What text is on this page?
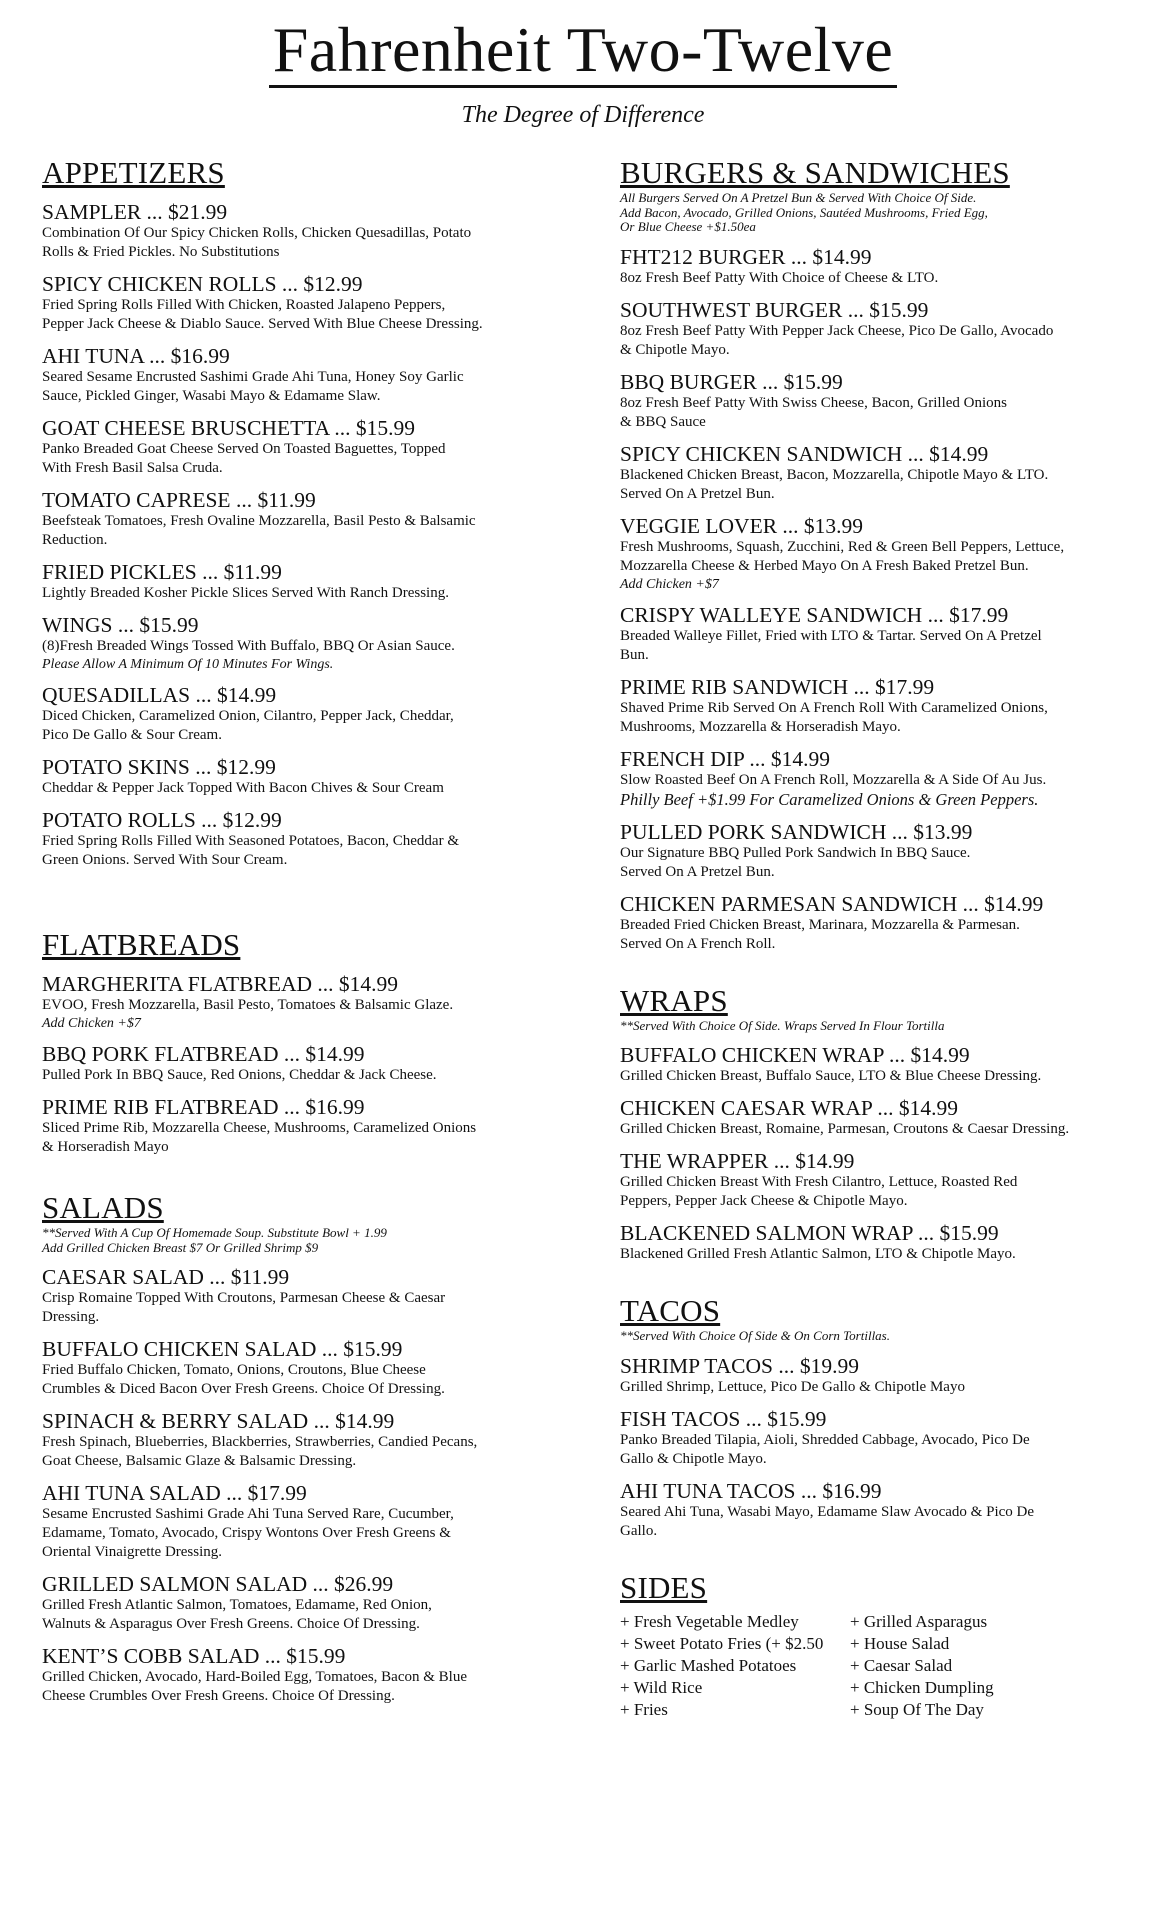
Fahrenheit Two-Twelve
The Degree of Difference
APPETIZERS
SAMPLER ... $21.99
Combination Of Our Spicy Chicken Rolls, Chicken Quesadillas, Potato
Rolls & Fried Pickles. No Substitutions
SPICY CHICKEN ROLLS ... $12.99
Fried Spring Rolls Filled With Chicken, Roasted Jalapeno Peppers,
Pepper Jack Cheese & Diablo Sauce. Served With Blue Cheese Dressing.
AHI TUNA ... $16.99
Seared Sesame Encrusted Sashimi Grade Ahi Tuna, Honey Soy Garlic
Sauce, Pickled Ginger, Wasabi Mayo & Edamame Slaw.
GOAT CHEESE BRUSCHETTA ... $15.99
Panko Breaded Goat Cheese Served On Toasted Baguettes, Topped
With Fresh Basil Salsa Cruda.
TOMATO CAPRESE ... $11.99
Beefsteak Tomatoes, Fresh Ovaline Mozzarella, Basil Pesto & Balsamic
Reduction.
FRIED PICKLES ... $11.99
Lightly Breaded Kosher Pickle Slices Served With Ranch Dressing.
WINGS ... $15.99
(8)Fresh Breaded Wings Tossed With Buffalo, BBQ Or Asian Sauce.
Please Allow A Minimum Of 10 Minutes For Wings.
QUESADILLAS ... $14.99
Diced Chicken, Caramelized Onion, Cilantro, Pepper Jack, Cheddar,
Pico De Gallo & Sour Cream.
POTATO SKINS ... $12.99
Cheddar & Pepper Jack Topped With Bacon Chives & Sour Cream
POTATO ROLLS ... $12.99
Fried Spring Rolls Filled With Seasoned Potatoes, Bacon, Cheddar &
Green Onions. Served With Sour Cream.
FLATBREADS
MARGHERITA FLATBREAD ... $14.99
EVOO, Fresh Mozzarella, Basil Pesto, Tomatoes & Balsamic Glaze.
Add Chicken +$7
BBQ PORK FLATBREAD ... $14.99
Pulled Pork In BBQ Sauce, Red Onions, Cheddar & Jack Cheese.
PRIME RIB FLATBREAD ... $16.99
Sliced Prime Rib, Mozzarella Cheese, Mushrooms, Caramelized Onions
& Horseradish Mayo
SALADS
**Served With A Cup Of Homemade Soup. Substitute Bowl + 1.99
Add Grilled Chicken Breast $7 Or Grilled Shrimp $9
CAESAR SALAD ... $11.99
Crisp Romaine Topped With Croutons, Parmesan Cheese & Caesar
Dressing.
BUFFALO CHICKEN SALAD ... $15.99
Fried Buffalo Chicken, Tomato, Onions, Croutons, Blue Cheese
Crumbles & Diced Bacon Over Fresh Greens. Choice Of Dressing.
SPINACH & BERRY SALAD ... $14.99
Fresh Spinach, Blueberries, Blackberries, Strawberries, Candied Pecans,
Goat Cheese, Balsamic Glaze & Balsamic Dressing.
AHI TUNA SALAD ... $17.99
Sesame Encrusted Sashimi Grade Ahi Tuna Served Rare, Cucumber,
Edamame, Tomato, Avocado, Crispy Wontons Over Fresh Greens &
Oriental Vinaigrette Dressing.
GRILLED SALMON SALAD ... $26.99
Grilled Fresh Atlantic Salmon, Tomatoes, Edamame, Red Onion,
Walnuts & Asparagus Over Fresh Greens. Choice Of Dressing.
KENT’S COBB SALAD ... $15.99
Grilled Chicken, Avocado, Hard-Boiled Egg, Tomatoes, Bacon & Blue
Cheese Crumbles Over Fresh Greens. Choice Of Dressing.
BURGERS & SANDWICHES
All Burgers Served On A Pretzel Bun & Served With Choice Of Side.
Add Bacon, Avocado, Grilled Onions, Sautéed Mushrooms, Fried Egg,
Or Blue Cheese +$1.50ea
FHT212 BURGER ... $14.99
8oz Fresh Beef Patty With Choice of Cheese & LTO.
SOUTHWEST BURGER ... $15.99
8oz Fresh Beef Patty With Pepper Jack Cheese, Pico De Gallo, Avocado
& Chipotle Mayo.
BBQ BURGER ... $15.99
8oz Fresh Beef Patty With Swiss Cheese, Bacon, Grilled Onions
& BBQ Sauce
SPICY CHICKEN SANDWICH ... $14.99
Blackened Chicken Breast, Bacon, Mozzarella, Chipotle Mayo & LTO.
Served On A Pretzel Bun.
VEGGIE LOVER ... $13.99
Fresh Mushrooms, Squash, Zucchini, Red & Green Bell Peppers, Lettuce,
Mozzarella Cheese & Herbed Mayo On A Fresh Baked Pretzel Bun.
Add Chicken +$7
CRISPY WALLEYE SANDWICH ... $17.99
Breaded Walleye Fillet, Fried with LTO & Tartar. Served On A Pretzel
Bun.
PRIME RIB SANDWICH ... $17.99
Shaved Prime Rib Served On A French Roll With Caramelized Onions,
Mushrooms, Mozzarella & Horseradish Mayo.
FRENCH DIP ... $14.99
Slow Roasted Beef On A French Roll, Mozzarella & A Side Of Au Jus.
Philly Beef +$1.99 For Caramelized Onions & Green Peppers.
PULLED PORK SANDWICH ... $13.99
Our Signature BBQ Pulled Pork Sandwich In BBQ Sauce.
Served On A Pretzel Bun.
CHICKEN PARMESAN SANDWICH ... $14.99
Breaded Fried Chicken Breast, Marinara, Mozzarella & Parmesan.
Served On A French Roll.
WRAPS
**Served With Choice Of Side. Wraps Served In Flour Tortilla
BUFFALO CHICKEN WRAP ... $14.99
Grilled Chicken Breast, Buffalo Sauce, LTO & Blue Cheese Dressing.
CHICKEN CAESAR WRAP ... $14.99
Grilled Chicken Breast, Romaine, Parmesan, Croutons & Caesar Dressing.
THE WRAPPER ... $14.99
Grilled Chicken Breast With Fresh Cilantro, Lettuce, Roasted Red
Peppers, Pepper Jack Cheese & Chipotle Mayo.
BLACKENED SALMON WRAP ... $15.99
Blackened Grilled Fresh Atlantic Salmon, LTO & Chipotle Mayo.
TACOS
**Served With Choice Of Side & On Corn Tortillas.
SHRIMP TACOS ... $19.99
Grilled Shrimp, Lettuce, Pico De Gallo & Chipotle Mayo
FISH TACOS ... $15.99
Panko Breaded Tilapia, Aioli, Shredded Cabbage, Avocado, Pico De
Gallo & Chipotle Mayo.
AHI TUNA TACOS ... $16.99
Seared Ahi Tuna, Wasabi Mayo, Edamame Slaw Avocado & Pico De
Gallo.
SIDES
+ Fresh Vegetable Medley
+ Sweet Potato Fries (+ $2.50
+ Garlic Mashed Potatoes
+ Wild Rice
+ Fries
+ Grilled Asparagus
+ House Salad
+ Caesar Salad
+ Chicken Dumpling
+ Soup Of The Day
